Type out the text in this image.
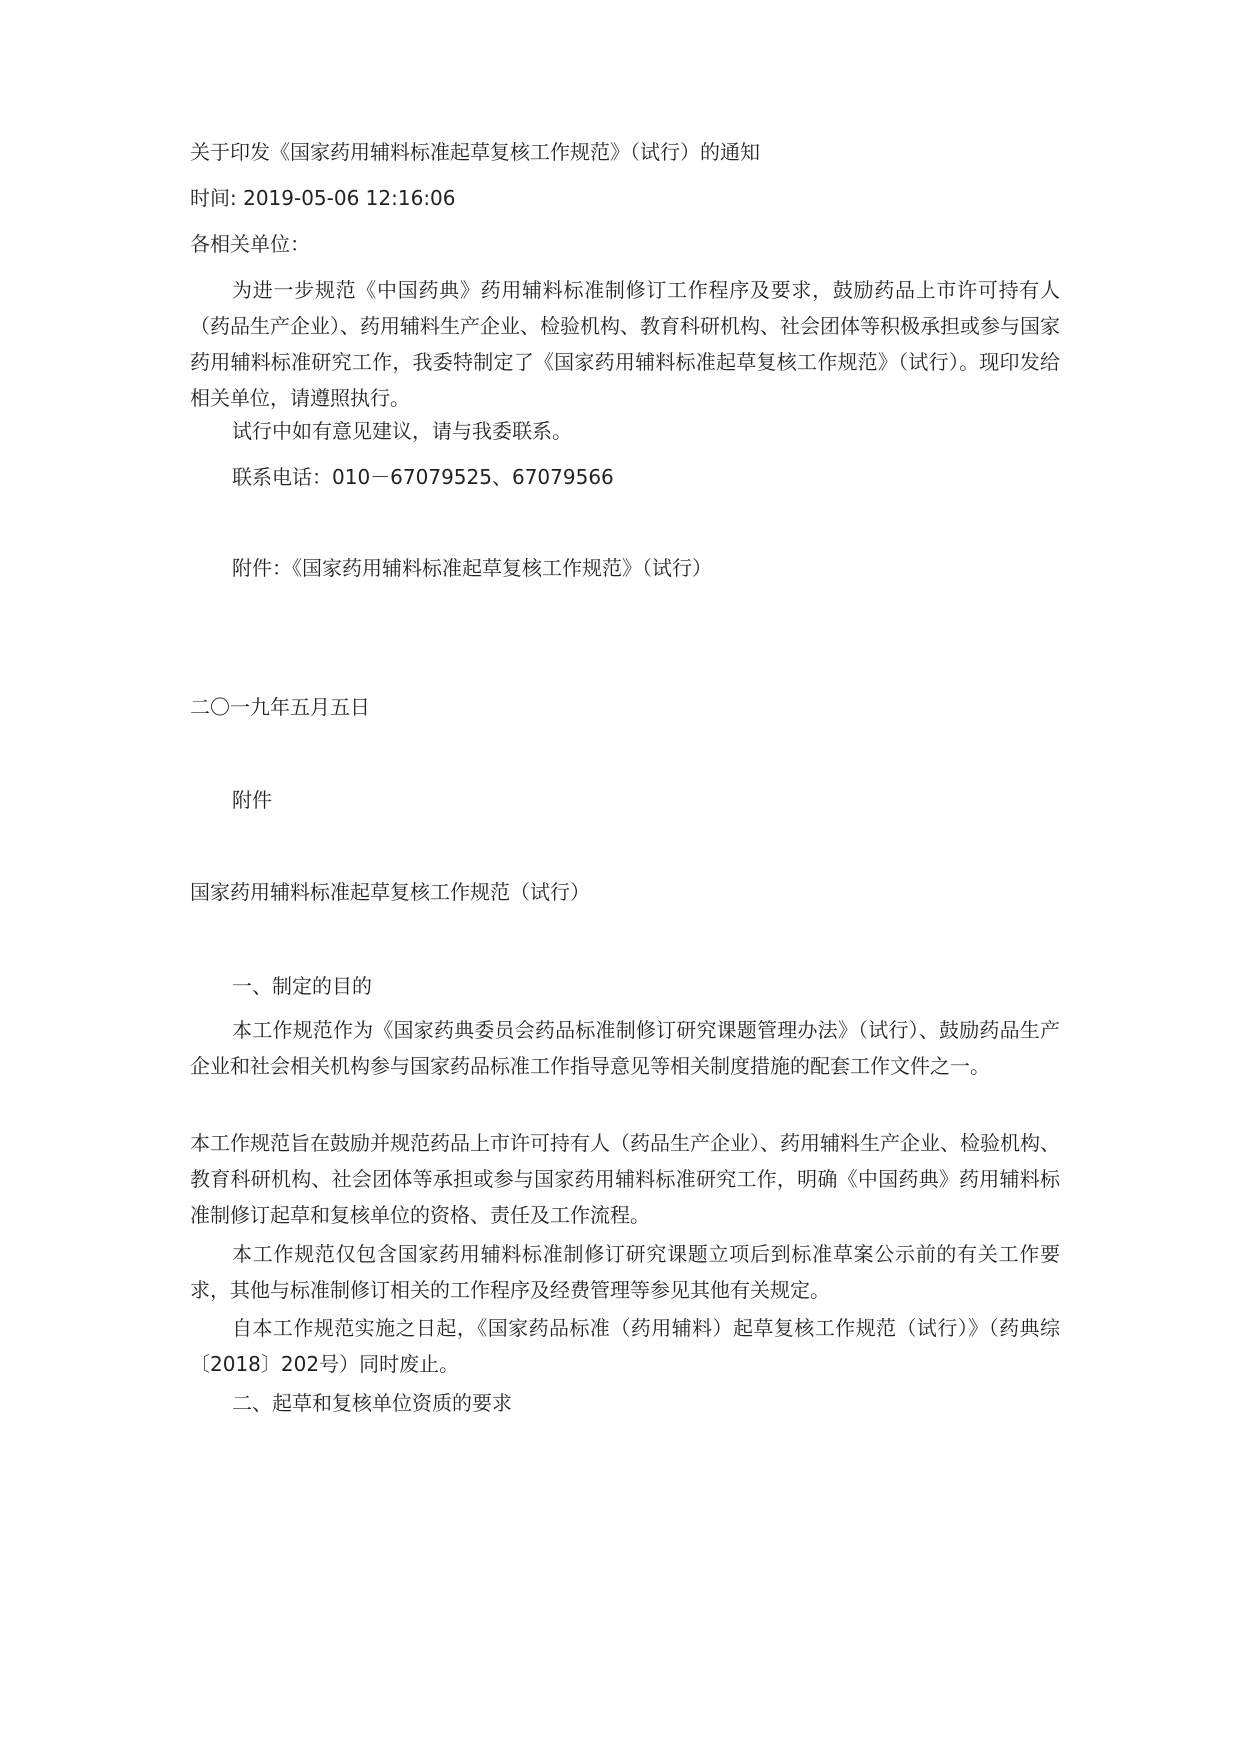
关于印发《国家药用辅料标准起草复核工作规范》（试行）的通知

时间: 2019-05-06 12:16:06

各相关单位：

为进一步规范《中国药典》药用辅料标准制修订工作程序及要求，鼓励药品上市许可持有人（药品生产企业）、药用辅料生产企业、检验机构、教育科研机构、社会团体等积极承担或参与国家药用辅料标准研究工作，我委特制定了《国家药用辅料标准起草复核工作规范》（试行）。现印发给相关单位，请遵照执行。

试行中如有意见建议，请与我委联系。

联系电话：010－67079525、67079566

附件：《国家药用辅料标准起草复核工作规范》（试行）

二〇一九年五月五日

附件

国家药用辅料标准起草复核工作规范（试行）

一、制定的目的

本工作规范作为《国家药典委员会药品标准制修订研究课题管理办法》（试行）、鼓励药品生产企业和社会相关机构参与国家药品标准工作指导意见等相关制度措施的配套工作文件之一。

本工作规范旨在鼓励并规范药品上市许可持有人（药品生产企业）、药用辅料生产企业、检验机构、教育科研机构、社会团体等承担或参与国家药用辅料标准研究工作，明确《中国药典》药用辅料标准制修订起草和复核单位的资格、责任及工作流程。

本工作规范仅包含国家药用辅料标准制修订研究课题立项后到标准草案公示前的有关工作要求，其他与标准制修订相关的工作程序及经费管理等参见其他有关规定。

自本工作规范实施之日起，《国家药品标准（药用辅料）起草复核工作规范（试行）》（药典综〔2018〕202号）同时废止。

二、起草和复核单位资质的要求
